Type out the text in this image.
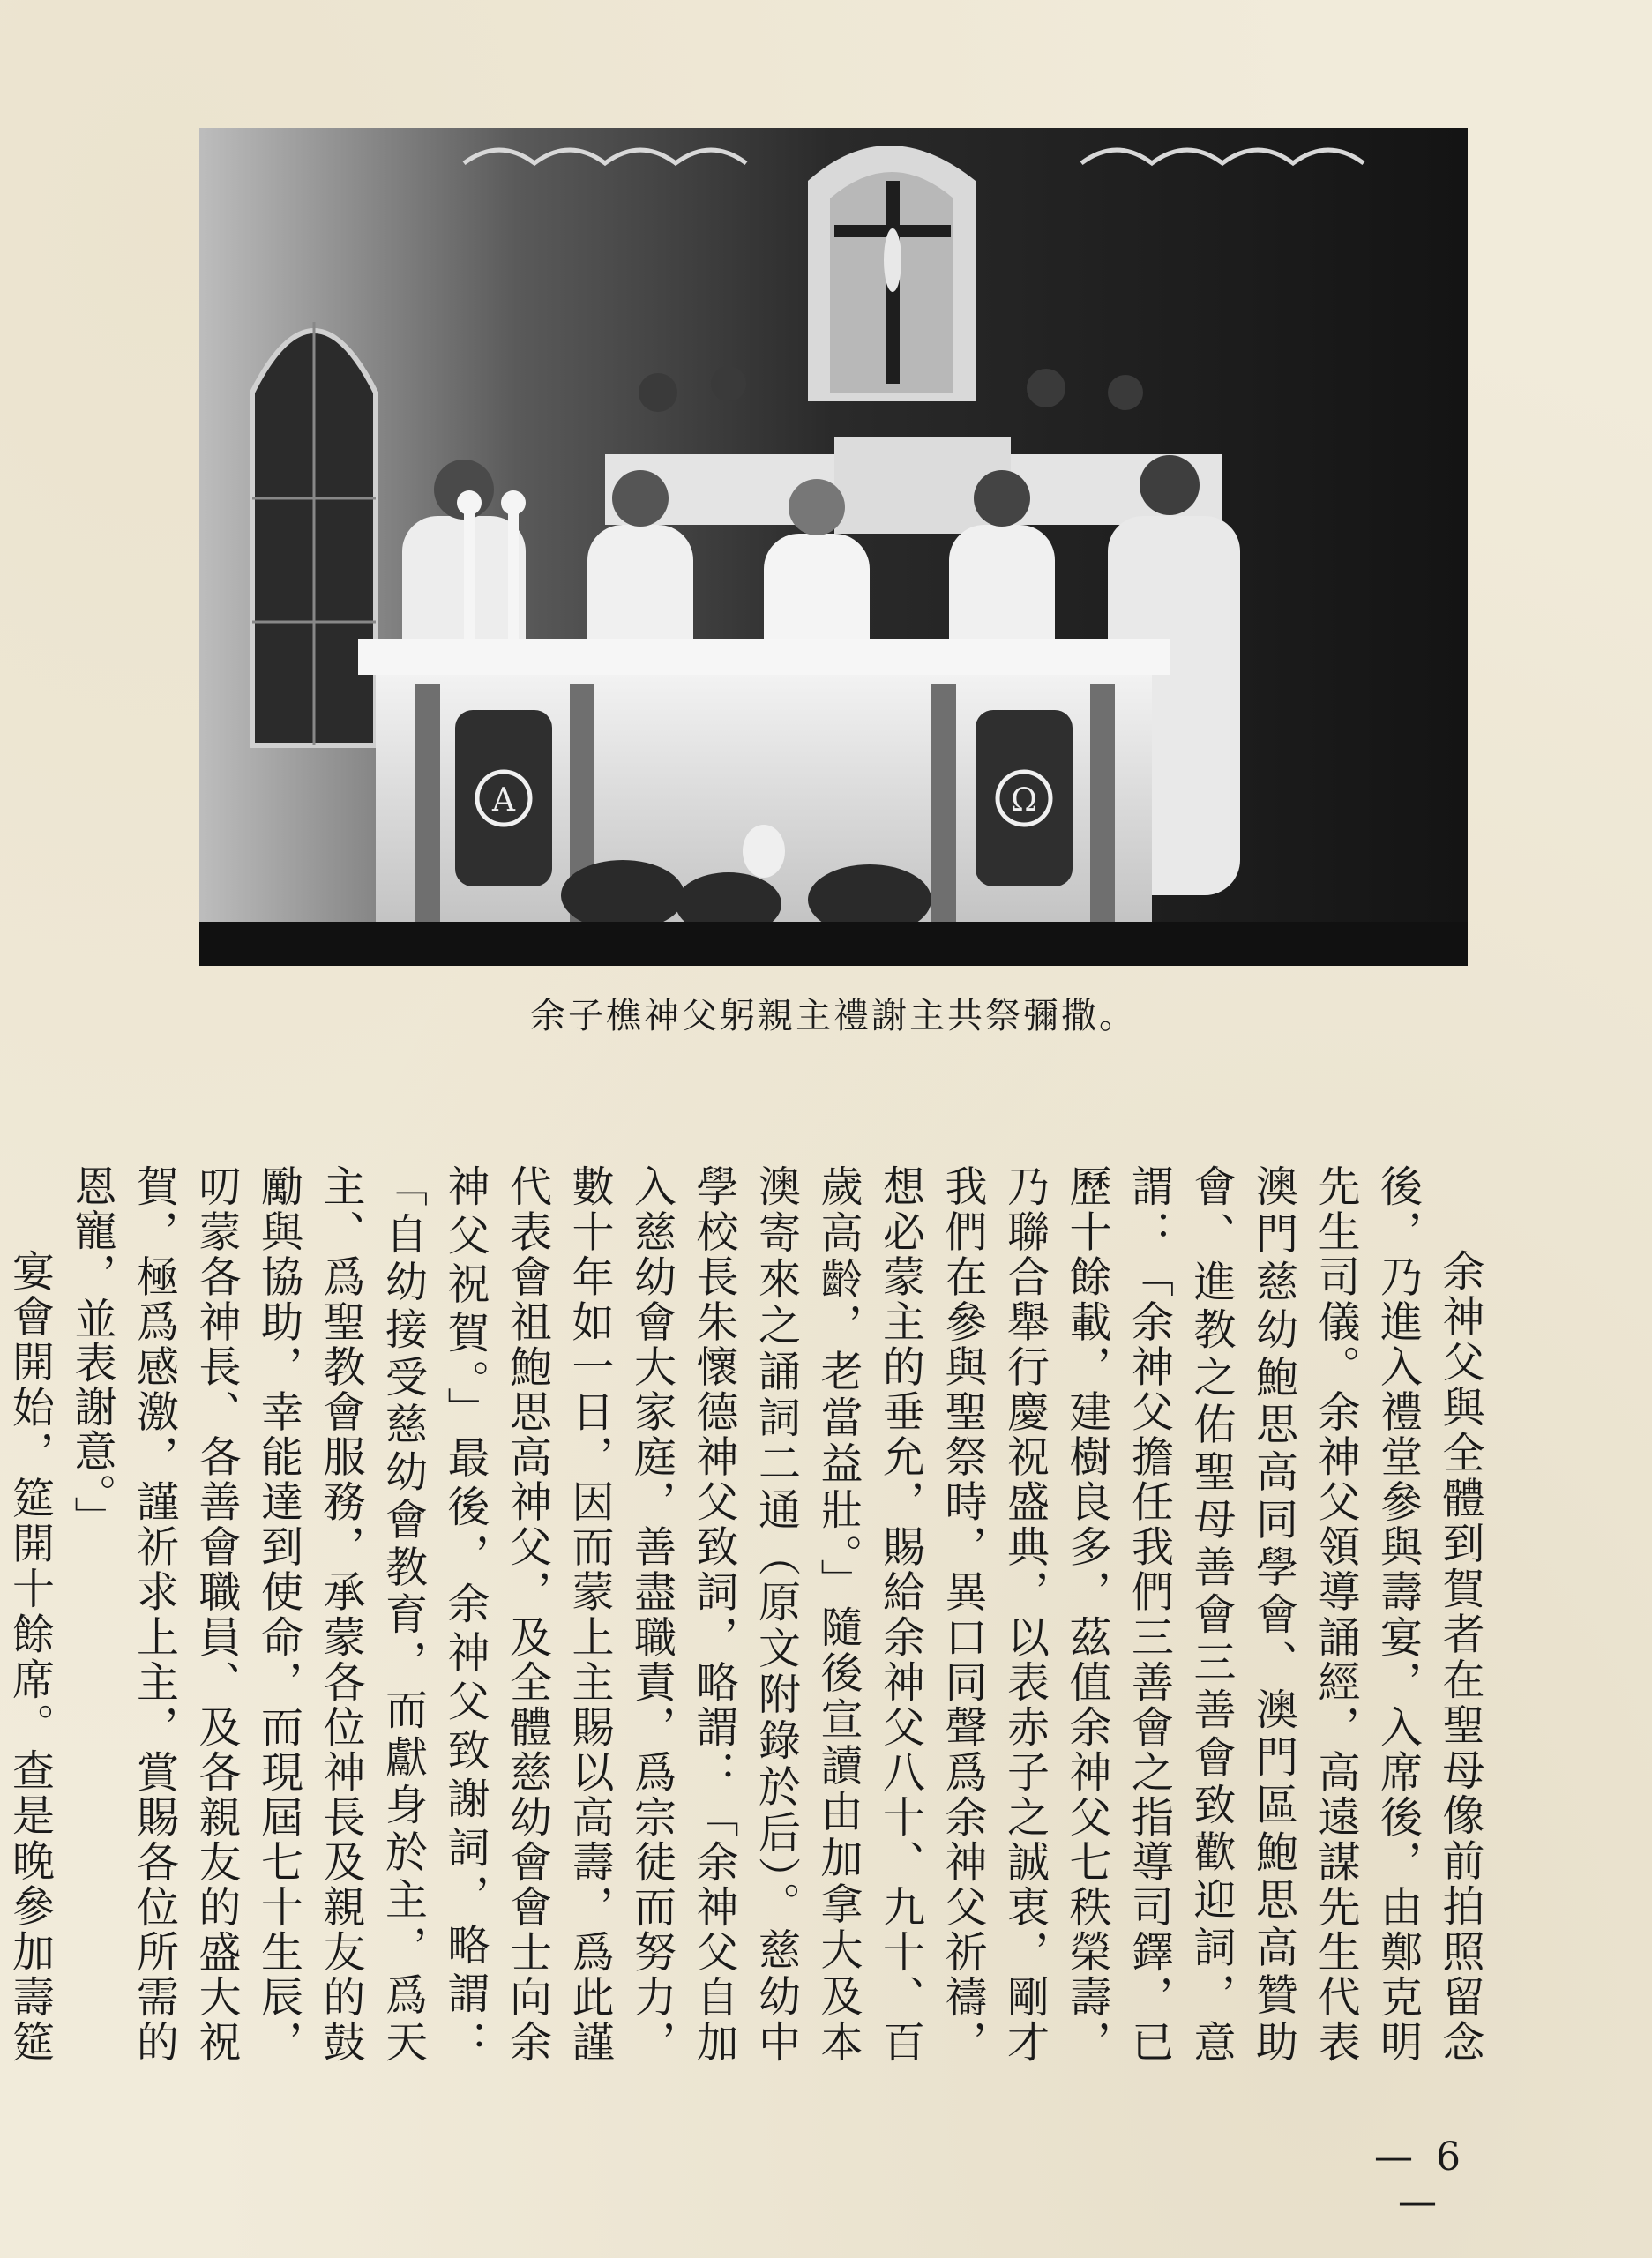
A	Ω
余子樵神父躬親主禮謝主共祭彌撒。

余神父與全體到賀者在聖母像前拍照留念後，乃進入禮堂參與壽宴，入席後，由鄭克明先生司儀。余神父領導誦經，高遠謀先生代表澳門慈幼鮑思高同學會、澳門區鮑思高贊助會、進教之佑聖母善會三善會致歡迎詞，意謂：「余神父擔任我們三善會之指導司鐸，已歷十餘載，建樹良多，茲值余神父七秩榮壽，乃聯合舉行慶祝盛典，以表赤子之誠衷，剛才我們在參與聖祭時，異口同聲爲余神父祈禱，想必蒙主的垂允，賜給余神父八十、九十、百歲高齡，老當益壯。」隨後宣讀由加拿大及本澳寄來之誦詞二通（原文附錄於后）。慈幼中學校長朱懷德神父致詞，略謂：「余神父自加入慈幼會大家庭，善盡職責，爲宗徒而努力，數十年如一日，因而蒙上主賜以高壽，爲此謹代表會祖鮑思高神父，及全體慈幼會會士向余神父祝賀。」最後，余神父致謝詞，略謂：「自幼接受慈幼會教育，而獻身於主，爲天主、爲聖教會服務，承蒙各位神長及親友的鼓勵與協助，幸能達到使命，而現屆七十生辰，叨蒙各神長、各善會職員、及各親友的盛大祝賀，極爲感激，謹祈求上主，賞賜各位所需的恩寵，並表謝意。」

宴會開始，筵開十餘席。查是晚參加壽筵

— 6 —
